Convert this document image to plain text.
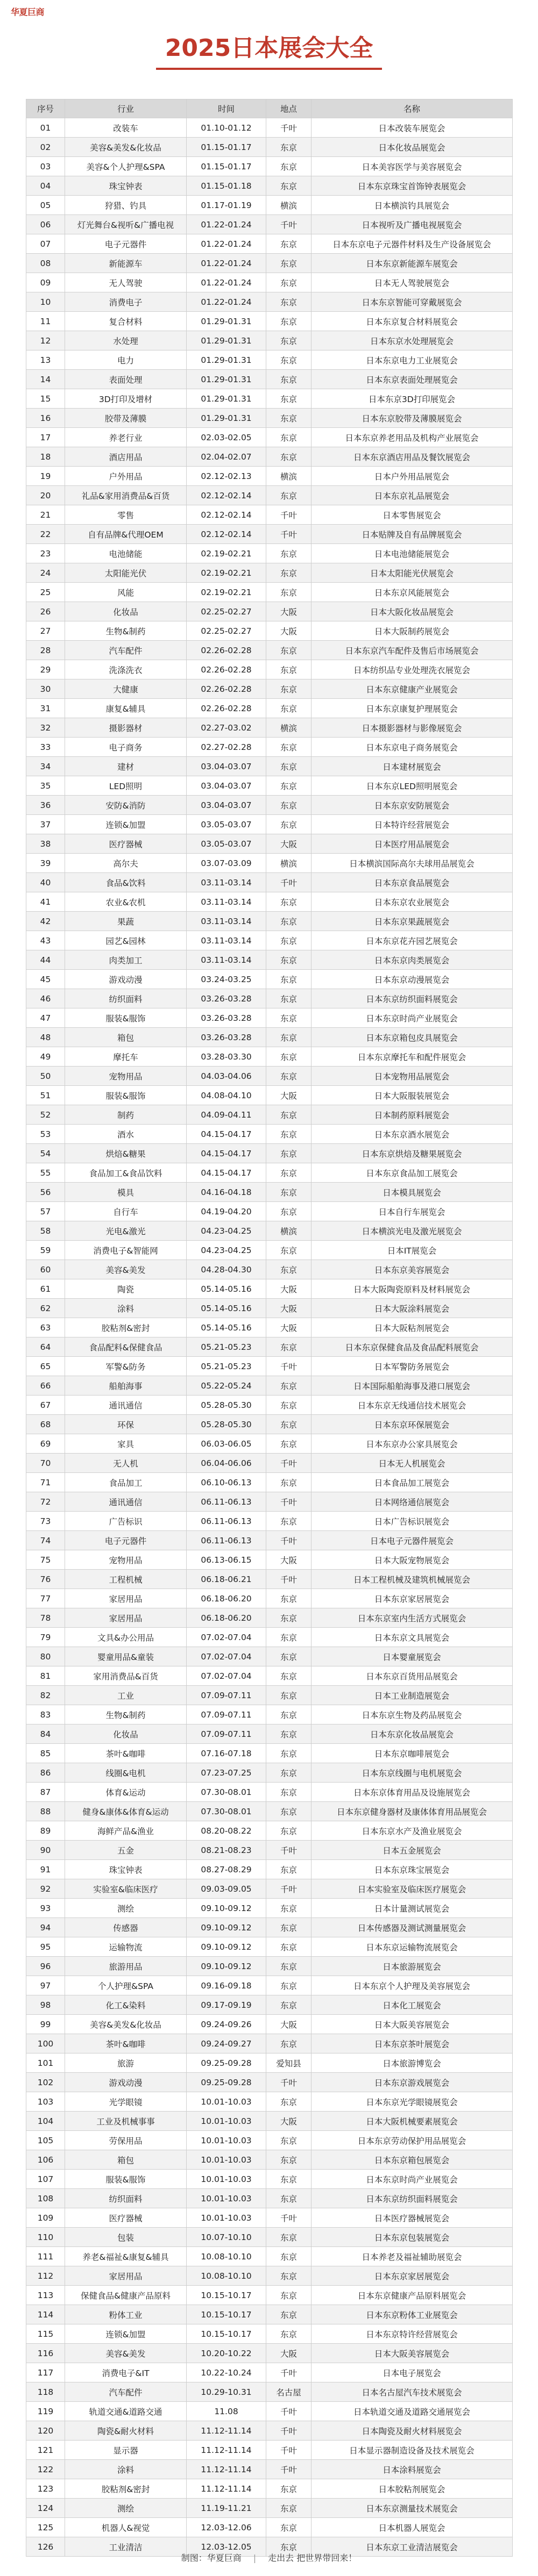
华夏巨商
2025日本展会大全
序号	行业	时间	地点	名称
01	改装车	01.10-01.12	千叶	日本改装车展览会
02	美容&美发&化妆品	01.15-01.17	东京	日本化妆品展览会
03	美容&个人护理&SPA	01.15-01.17	东京	日本美容医学与美容展览会
04	珠宝钟表	01.15-01.18	东京	日本东京珠宝首饰钟表展览会
05	狩猎、钓具	01.17-01.19	横滨	日本横滨钓具展览会
06	灯光舞台&视听&广播电视	01.22-01.24	千叶	日本视听及广播电视展览会
07	电子元器件	01.22-01.24	东京	日本东京电子元器件材料及生产设备展览会
08	新能源车	01.22-01.24	东京	日本东京新能源车展览会
09	无人驾驶	01.22-01.24	东京	日本无人驾驶展览会
10	消费电子	01.22-01.24	东京	日本东京智能可穿戴展览会
11	复合材料	01.29-01.31	东京	日本东京复合材料展览会
12	水处理	01.29-01.31	东京	日本东京水处理展览会
13	电力	01.29-01.31	东京	日本东京电力工业展览会
14	表面处理	01.29-01.31	东京	日本东京表面处理展览会
15	3D打印及增材	01.29-01.31	东京	日本东京3D打印展览会
16	胶带及薄膜	01.29-01.31	东京	日本东京胶带及薄膜展览会
17	养老行业	02.03-02.05	东京	日本东京养老用品及机构产业展览会
18	酒店用品	02.04-02.07	东京	日本东京酒店用品及餐饮展览会
19	户外用品	02.12-02.13	横滨	日本户外用品展览会
20	礼品&家用消费品&百货	02.12-02.14	东京	日本东京礼品展览会
21	零售	02.12-02.14	千叶	日本零售展览会
22	自有品牌&代理OEM	02.12-02.14	千叶	日本贴牌及自有品牌展览会
23	电池储能	02.19-02.21	东京	日本电池储能展览会
24	太阳能光伏	02.19-02.21	东京	日本太阳能光伏展览会
25	风能	02.19-02.21	东京	日本东京风能展览会
26	化妆品	02.25-02.27	大阪	日本大阪化妆品展览会
27	生物&制药	02.25-02.27	大阪	日本大阪制药展览会
28	汽车配件	02.26-02.28	东京	日本东京汽车配件及售后市场展览会
29	洗涤洗衣	02.26-02.28	东京	日本纺织品专业处理洗衣展览会
30	大健康	02.26-02.28	东京	日本东京健康产业展览会
31	康复&辅具	02.26-02.28	东京	日本东京康复护理展览会
32	摄影器材	02.27-03.02	横滨	日本摄影器材与影像展览会
33	电子商务	02.27-02.28	东京	日本东京电子商务展览会
34	建材	03.04-03.07	东京	日本建材展览会
35	LED照明	03.04-03.07	东京	日本东京LED照明展览会
36	安防&消防	03.04-03.07	东京	日本东京安防展览会
37	连锁&加盟	03.05-03.07	东京	日本特许经营展览会
38	医疗器械	03.05-03.07	大阪	日本医疗用品展览会
39	高尔夫	03.07-03.09	横滨	日本横滨国际高尔夫球用品展览会
40	食品&饮料	03.11-03.14	千叶	日本东京食品展览会
41	农业&农机	03.11-03.14	东京	日本东京农业展览会
42	果蔬	03.11-03.14	东京	日本东京果蔬展览会
43	园艺&园林	03.11-03.14	东京	日本东京花卉园艺展览会
44	肉类加工	03.11-03.14	东京	日本东京肉类展览会
45	游戏动漫	03.24-03.25	东京	日本东京动漫展览会
46	纺织面料	03.26-03.28	东京	日本东京纺织面料展览会
47	服装&服饰	03.26-03.28	东京	日本东京时尚产业展览会
48	箱包	03.26-03.28	东京	日本东京箱包皮具展览会
49	摩托车	03.28-03.30	东京	日本东京摩托车和配件展览会
50	宠物用品	04.03-04.06	东京	日本宠物用品展览会
51	服装&服饰	04.08-04.10	大阪	日本大阪服装展览会
52	制药	04.09-04.11	东京	日本制药原料展览会
53	酒水	04.15-04.17	东京	日本东京酒水展览会
54	烘焙&糖果	04.15-04.17	东京	日本东京烘焙及糖果展览会
55	食品加工&食品饮料	04.15-04.17	东京	日本东京食品加工展览会
56	模具	04.16-04.18	东京	日本模具展览会
57	自行车	04.19-04.20	东京	日本自行车展览会
58	光电&激光	04.23-04.25	横滨	日本横滨光电及激光展览会
59	消费电子&智能网	04.23-04.25	东京	日本IT展览会
60	美容&美发	04.28-04.30	东京	日本东京美容展览会
61	陶瓷	05.14-05.16	大阪	日本大阪陶瓷原料及材料展览会
62	涂料	05.14-05.16	大阪	日本大阪涂料展览会
63	胶粘剂&密封	05.14-05.16	大阪	日本大阪粘剂展览会
64	食品配料&保健食品	05.21-05.23	东京	日本东京保健食品及食品配料展览会
65	军警&防务	05.21-05.23	千叶	日本军警防务展览会
66	船舶海事	05.22-05.24	东京	日本国际船舶海事及港口展览会
67	通讯通信	05.28-05.30	东京	日本东京无线通信技术展览会
68	环保	05.28-05.30	东京	日本东京环保展览会
69	家具	06.03-06.05	东京	日本东京办公家具展览会
70	无人机	06.04-06.06	千叶	日本无人机展览会
71	食品加工	06.10-06.13	东京	日本食品加工展览会
72	通讯通信	06.11-06.13	千叶	日本网络通信展览会
73	广告标识	06.11-06.13	东京	日本广告标识展览会
74	电子元器件	06.11-06.13	千叶	日本电子元器件展览会
75	宠物用品	06.13-06.15	大阪	日本大阪宠物展览会
76	工程机械	06.18-06.21	千叶	日本工程机械及建筑机械展览会
77	家居用品	06.18-06.20	东京	日本东京家居展览会
78	家居用品	06.18-06.20	东京	日本东京室内生活方式展览会
79	文具&办公用品	07.02-07.04	东京	日本东京文具展览会
80	婴童用品&童装	07.02-07.04	东京	日本婴童展览会
81	家用消费品&百货	07.02-07.04	东京	日本东京百货用品展览会
82	工业	07.09-07.11	东京	日本工业制造展览会
83	生物&制药	07.09-07.11	东京	日本东京生物及药品展览会
84	化妆品	07.09-07.11	东京	日本东京化妆品展览会
85	茶叶&咖啡	07.16-07.18	东京	日本东京咖啡展览会
86	线圈&电机	07.23-07.25	东京	日本东京线圈与电机展览会
87	体育&运动	07.30-08.01	东京	日本东京体育用品及设施展览会
88	健身&康体&体育&运动	07.30-08.01	东京	日本东京健身器材及康体体育用品展览会
89	海鲜产品&渔业	08.20-08.22	东京	日本东京水产及渔业展览会
90	五金	08.21-08.23	千叶	日本五金展览会
91	珠宝钟表	08.27-08.29	东京	日本东京珠宝展览会
92	实验室&临床医疗	09.03-09.05	千叶	日本实验室及临床医疗展览会
93	测绘	09.10-09.12	东京	日本计量测试展览会
94	传感器	09.10-09.12	东京	日本传感器及测试测量展览会
95	运输物流	09.10-09.12	东京	日本东京运输物流展览会
96	旅游用品	09.10-09.12	东京	日本旅游展览会
97	个人护理&SPA	09.16-09.18	东京	日本东京个人护理及美容展览会
98	化工&染料	09.17-09.19	东京	日本化工展览会
99	美容&美发&化妆品	09.24-09.26	大阪	日本大阪美容展览会
100	茶叶&咖啡	09.24-09.27	东京	日本东京茶叶展览会
101	旅游	09.25-09.28	爱知县	日本旅游博览会
102	游戏动漫	09.25-09.28	千叶	日本东京游戏展览会
103	光学眼镜	10.01-10.03	东京	日本东京光学眼镜展览会
104	工业及机械事事	10.01-10.03	大阪	日本大阪机械要素展览会
105	劳保用品	10.01-10.03	东京	日本东京劳动保护用品展览会
106	箱包	10.01-10.03	东京	日本东京箱包展览会
107	服装&服饰	10.01-10.03	东京	日本东京时尚产业展览会
108	纺织面料	10.01-10.03	东京	日本东京纺织面料展览会
109	医疗器械	10.01-10.03	千叶	日本医疗器械展览会
110	包装	10.07-10.10	东京	日本东京包装展览会
111	养老&福祉&康复&辅具	10.08-10.10	东京	日本养老及福祉辅助展览会
112	家居用品	10.08-10.10	东京	日本东京家居展览会
113	保健食品&健康产品原料	10.15-10.17	东京	日本东京健康产品原料展览会
114	粉体工业	10.15-10.17	东京	日本东京粉体工业展览会
115	连锁&加盟	10.15-10.17	东京	日本东京特许经营展览会
116	美容&美发	10.20-10.22	大阪	日本大阪美容展览会
117	消费电子&IT	10.22-10.24	千叶	日本电子展览会
118	汽车配件	10.29-10.31	名古屋	日本名古屋汽车技术展览会
119	轨道交通&道路交通	11.08	千叶	日本轨道交通及道路交通展览会
120	陶瓷&耐火材料	11.12-11.14	千叶	日本陶瓷及耐火材料展览会
121	显示器	11.12-11.14	千叶	日本显示器制造设备及技术展览会
122	涂料	11.12-11.14	千叶	日本涂料展览会
123	胶粘剂&密封	11.12-11.14	东京	日本胶粘剂展览会
124	测绘	11.19-11.21	东京	日本东京测量技术展览会
125	机器人&视觉	12.03-12.06	东京	日本机器人展览会
126	工业清洁	12.03-12.05	东京	日本东京工业清洁展览会
制图：华夏巨商 | 走出去 把世界带回来！
